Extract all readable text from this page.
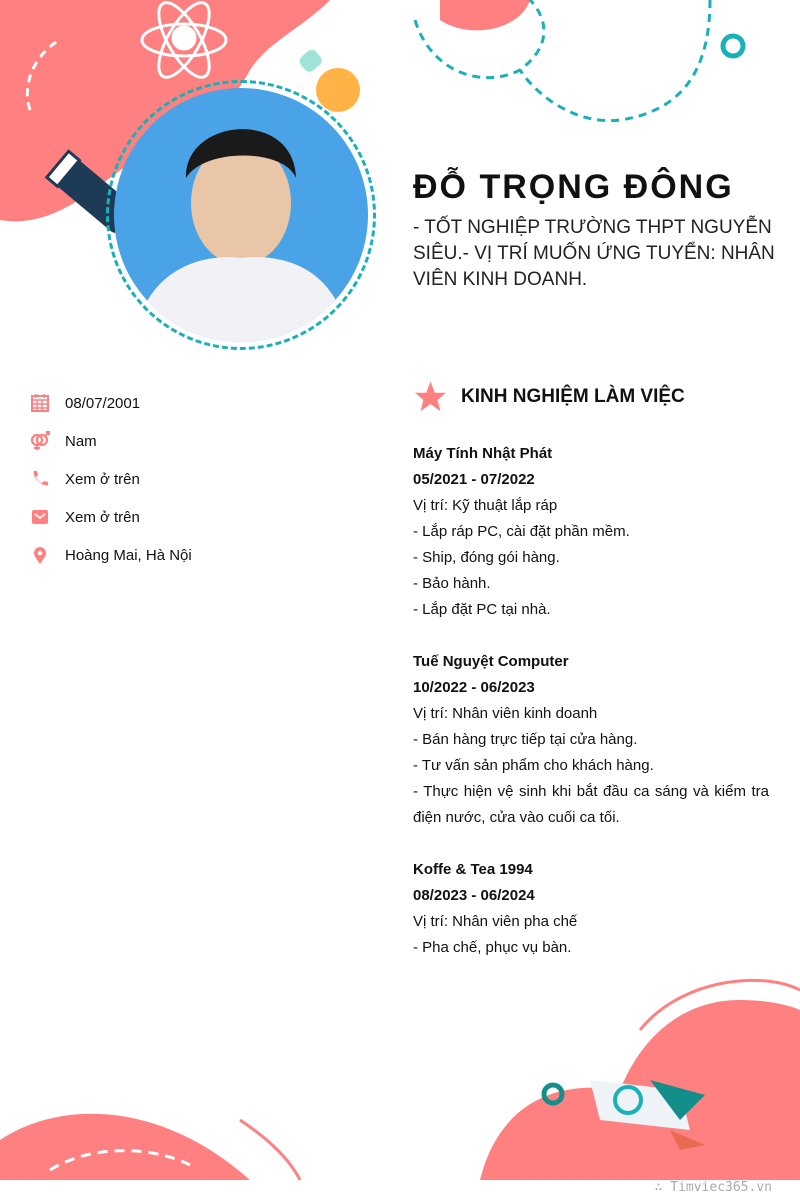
ĐỖ TRỌNG ĐÔNG
- TỐT NGHIỆP TRƯỜNG THPT NGUYỄN SIÊU.- VỊ TRÍ MUỐN ỨNG TUYỂN: NHÂN VIÊN KINH DOANH.
08/07/2001
Nam
Xem ở trên
Xem ở trên
Hoàng Mai, Hà Nội
KINH NGHIỆM LÀM VIỆC
Máy Tính Nhật Phát
05/2021 - 07/2022
Vị trí: Kỹ thuật lắp ráp
- Lắp ráp PC, cài đặt phần mềm.
- Ship, đóng gói hàng.
- Bảo hành.
- Lắp đặt PC tại nhà.
Tuế Nguyệt Computer
10/2022 - 06/2023
Vị trí: Nhân viên kinh doanh
- Bán hàng trực tiếp tại cửa hàng.
- Tư vấn sản phẩm cho khách hàng.
- Thực hiện vệ sinh khi bắt đầu ca sáng và kiểm tra điện nước, cửa vào cuối ca tối.
Koffe & Tea 1994
08/2023 - 06/2024
Vị trí: Nhân viên pha chế
- Pha chế, phục vụ bàn.
∴ Timviec365.vn
